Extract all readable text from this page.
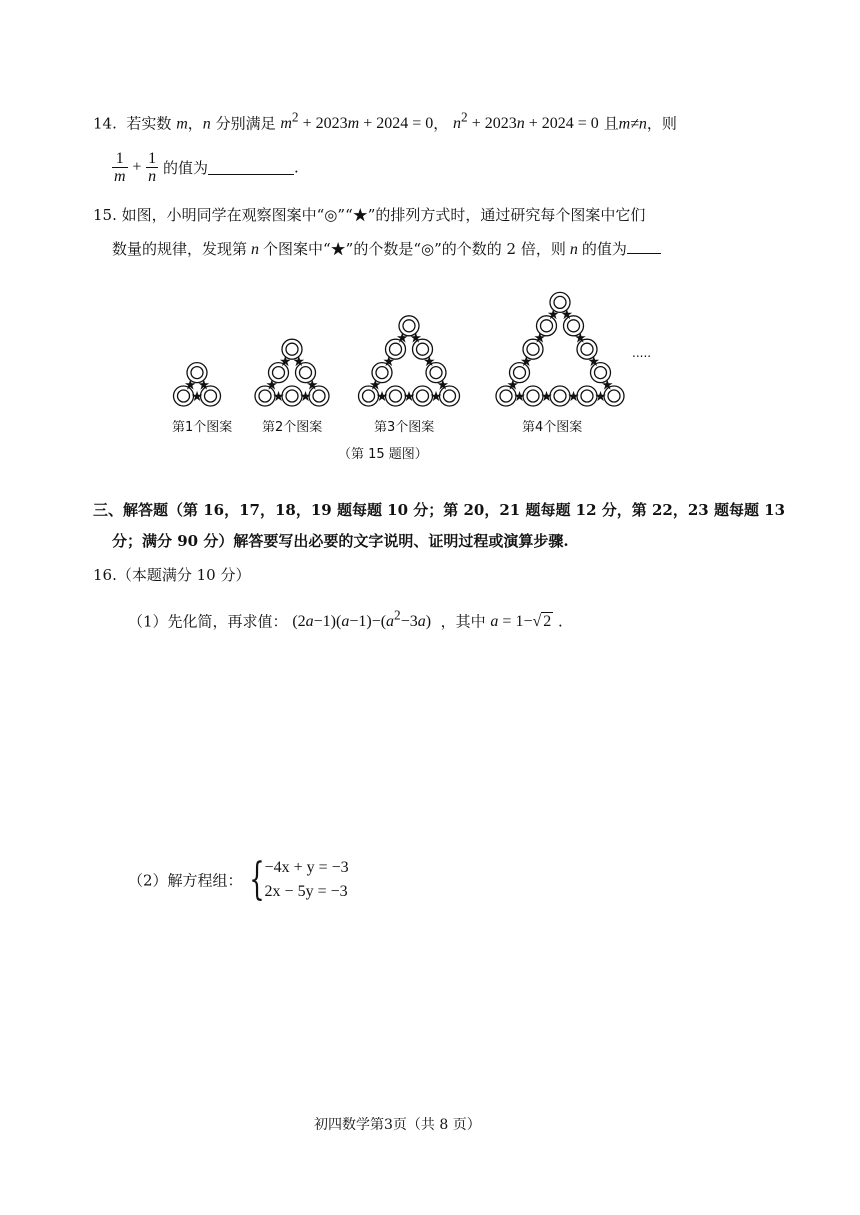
14. 若实数 m，n 分别满足 $m^2 + 2023m + 2024 = 0$， $n^2 + 2023n + 2024 = 0$ 且m≠n，则
$\frac{1}{m} + \frac{1}{n}$ 的值为	.
15. 如图，小明同学在观察图案中“◎”“★”的排列方式时，通过研究每个图案中它们
数量的规律，发现第 n 个图案中“★”的个数是“◎”的个数的 2 倍，则 n 的值为
★ ★
★
★ ★
★ ★
★ ★
★ ★
★ ★
★	★
★ ★ ★
★ ★
★ ★
★	★
★	★
★ ★ ★ ★
第1个图案 第2个图案	第3个图案	第4个图案
.....
（第 15 题图）
三、解答题（第 16，17，18，19 题每题 10 分；第 20，21 题每题 12 分，第 22，23 题每题 13
分；满分 90 分）解答要写出必要的文字说明、证明过程或演算步骤.
16.（本题满分 10 分）
（1）先化简，再求值： $(2a-1)(a-1)-(a^2-3a)$ ，其中 a = 1−√ 2 .
（2）解方程组： { −4x + y = −3
2x − 5y = −3
初四数学第3页（共 8 页）
